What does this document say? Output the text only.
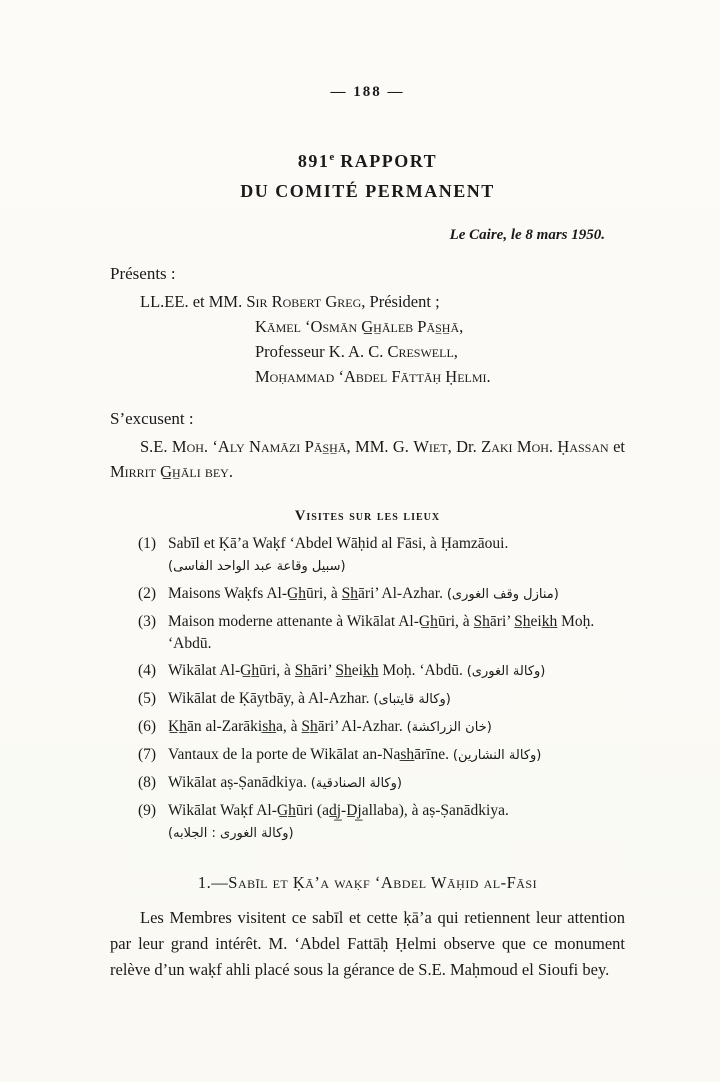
— 188 —
891e RAPPORT
DU COMITÉ PERMANENT
Le Caire, le 8 mars 1950.
Présents :
LL.EE. et MM. Sir Robert Greg, Président ;
Kāmel ‘Osmān G̲h̲āleb Pās̲h̲ā,
Professeur K. A. C. Creswell,
Moḥammad ‘Abdel Fāttāḥ Ḥelmi.
S’excusent :
S.E. Moh. ‘Aly Namāzi Pās̲h̲ā, MM. G. Wiet, Dr. Zaki Moh. Ḥassan et Mirrit G̲h̲āli bey.
Visites sur les lieux
(1) Sabīl et Ḳā’a Waḳf ‘Abdel Wāḥid al Fāsi, à Ḥamzāoui.
(سبيل وقاعة عبد الواحد الفاسى)
(2) Maisons Waḳfs Al-G̲h̲ūri, à S̲h̲āri’ Al-Azhar. (منازل وقف الغورى)
(3) Maison moderne attenante à Wikālat Al-G̲h̲ūri, à S̲h̲āri’ S̲h̲eik̲h̲ Moḥ. ‘Abdū.
(4) Wikālat Al-G̲h̲ūri, à S̲h̲āri’ S̲h̲eik̲h̲ Moḥ. ‘Abdū. (وكالة الغورى)
(5) Wikālat de Ḳāytbāy, à Al-Azhar. (وكالة قايتباى)
(6) K̲h̲ān al-Zarākis̲h̲a, à S̲h̲āri’ Al-Azhar. (خان الزراكشة)
(7) Vantaux de la porte de Wikālat an-Nas̲h̲ārīne. (وكالة النشارين)
(8) Wikālat aṣ-Ṣanādkiya. (وكالة الصنادقية)
(9) Wikālat Waḳf Al-G̲h̲ūri (ad̲j̲-D̲j̲allaba), à aṣ-Ṣanādkiya.
(وكالة الغورى : الجلابه)
1.—Sabīl et Ḳā’a waḳf ‘Abdel Wāḥid al-Fāsi
Les Membres visitent ce sabīl et cette ḳā’a qui retiennent leur attention par leur grand intérêt. M. ‘Abdel Fattāḥ Ḥelmi observe que ce monument relève d’un waḳf ahli placé sous la gérance de S.E. Maḥmoud el Sioufi bey.
